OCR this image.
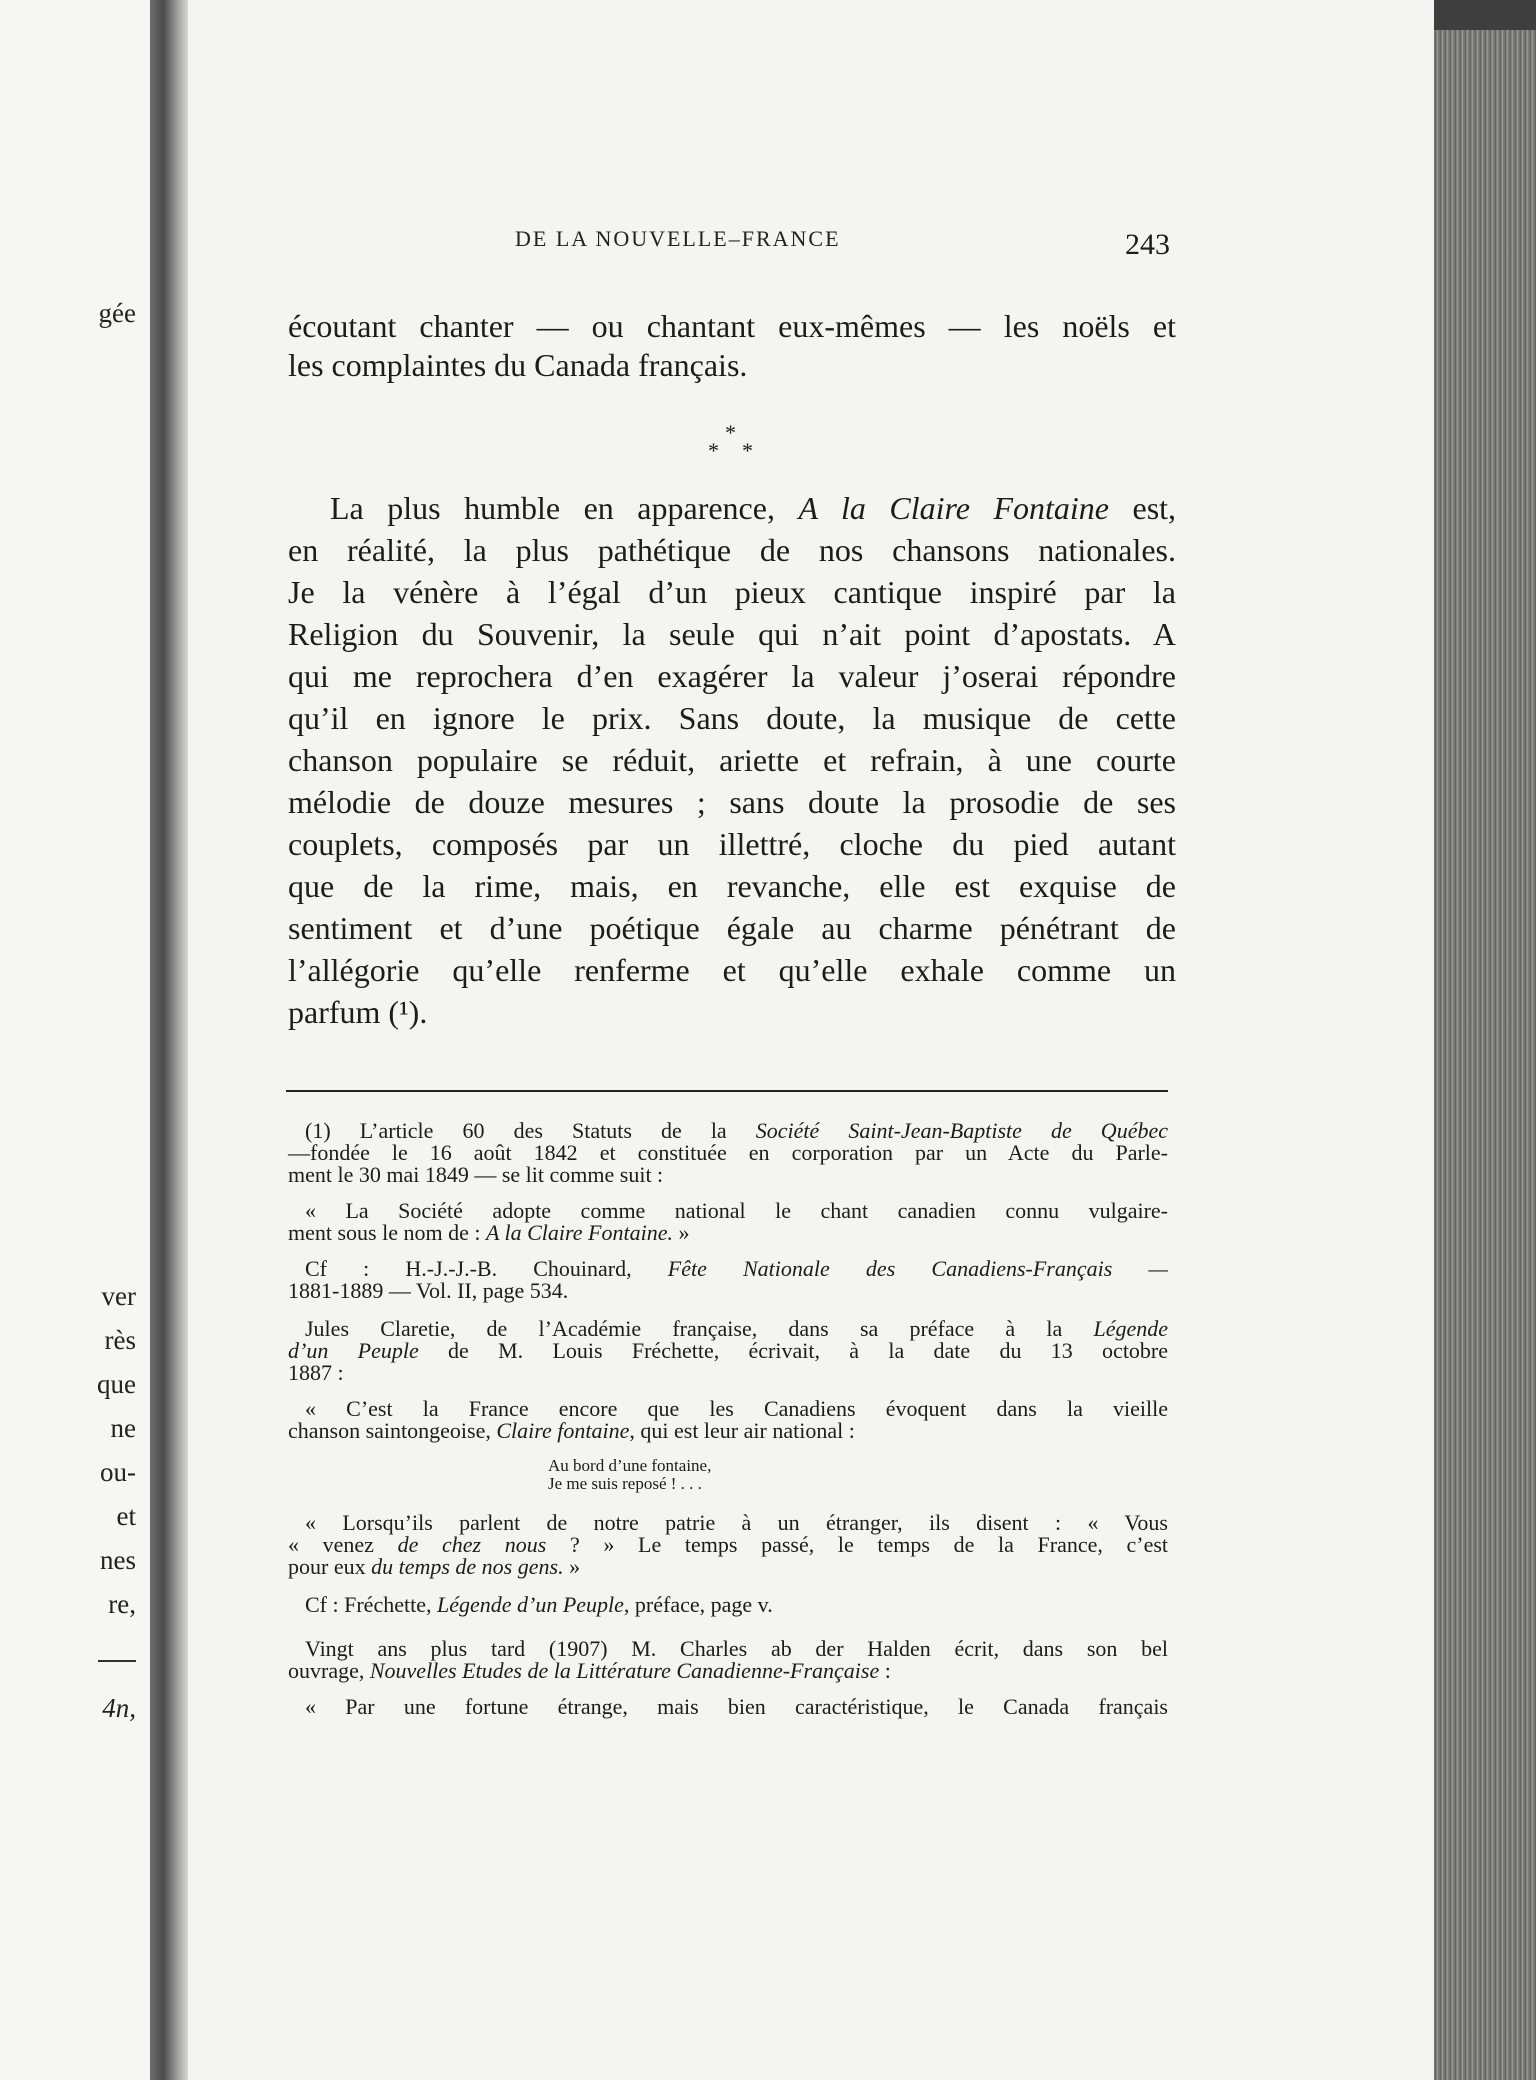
gée
ver
rès
que
ne
ou-
et
nes
re,
4n,
DE LA NOUVELLE–FRANCE	243
écoutant chanter — ou chantant eux-mêmes — les noëls et
les complaintes du Canada français.
*
* *
La plus humble en apparence, A la Claire Fontaine est,
en réalité, la plus pathétique de nos chansons nationales.
Je la vénère à l’égal d’un pieux cantique inspiré par la
Religion du Souvenir, la seule qui n’ait point d’apostats. A
qui me reprochera d’en exagérer la valeur j’oserai répondre
qu’il en ignore le prix. Sans doute, la musique de cette
chanson populaire se réduit, ariette et refrain, à une courte
mélodie de douze mesures ; sans doute la prosodie de ses
couplets, composés par un illettré, cloche du pied autant
que de la rime, mais, en revanche, elle est exquise de
sentiment et d’une poétique égale au charme pénétrant de
l’allégorie qu’elle renferme et qu’elle exhale comme un
parfum (¹).
(1) L’article 60 des Statuts de la Société Saint-Jean-Baptiste de Québec
—fondée le 16 août 1842 et constituée en corporation par un Acte du Parle-
ment le 30 mai 1849 — se lit comme suit :
« La Société adopte comme national le chant canadien connu vulgaire-
ment sous le nom de : A la Claire Fontaine. »
Cf : H.-J.-J.-B. Chouinard, Fête Nationale des Canadiens-Français —
1881-1889 — Vol. II, page 534.
Jules Claretie, de l’Académie française, dans sa préface à la Légende
d’un Peuple de M. Louis Fréchette, écrivait, à la date du 13 octobre
1887 :
« C’est la France encore que les Canadiens évoquent dans la vieille
chanson saintongeoise, Claire fontaine, qui est leur air national :
Au bord d’une fontaine,
Je me suis reposé ! . . .
« Lorsqu’ils parlent de notre patrie à un étranger, ils disent : « Vous
« venez de chez nous ? » Le temps passé, le temps de la France, c’est
pour eux du temps de nos gens. »
Cf : Fréchette, Légende d’un Peuple, préface, page v.
Vingt ans plus tard (1907) M. Charles ab der Halden écrit, dans son bel
ouvrage, Nouvelles Etudes de la Littérature Canadienne-Française :
« Par une fortune étrange, mais bien caractéristique, le Canada français
